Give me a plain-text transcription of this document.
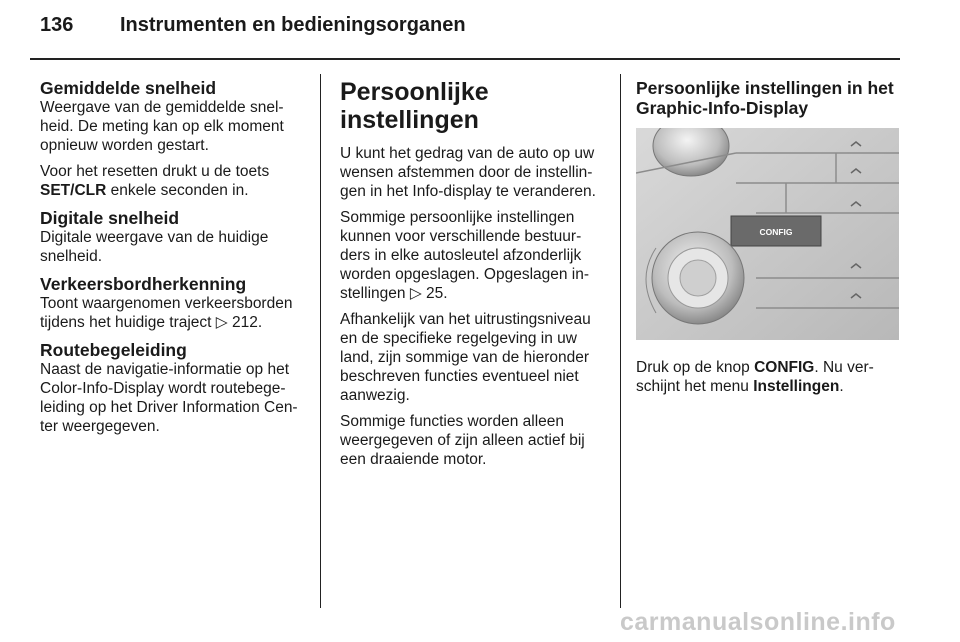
136 Instrumenten en bedieningsorganen
Gemiddelde snelheid

Weergave van de gemiddelde snel-heid. De meting kan op elk moment opnieuw worden gestart.

Voor het resetten drukt u de toets SET/CLR enkele seconden in.

Digitale snelheid

Digitale weergave van de huidige snelheid.

Verkeersbordherkenning

Toont waargenomen verkeersborden tijdens het huidige traject ▷ 212.

Routebegeleiding

Naast de navigatie-informatie op het Color-Info-Display wordt routebege-leiding op het Driver Information Cen-ter weergegeven.

Persoonlijke instellingen

U kunt het gedrag van de auto op uw wensen afstemmen door de instellin-gen in het Info-display te veranderen.

Sommige persoonlijke instellingen kunnen voor verschillende bestuur-ders in elke autosleutel afzonderlijk worden opgeslagen. Opgeslagen in-stellingen ▷ 25.

Afhankelijk van het uitrustingsniveau en de specifieke regelgeving in uw land, zijn sommige van de hieronder beschreven functies eventueel niet aanwezig.

Sommige functies worden alleen weergegeven of zijn alleen actief bij een draaiende motor.

Persoonlijke instellingen in het Graphic-Info-Display
CONFIG

Druk op de knop CONFIG. Nu ver-schijnt het menu Instellingen.

carmanualsonline.info
